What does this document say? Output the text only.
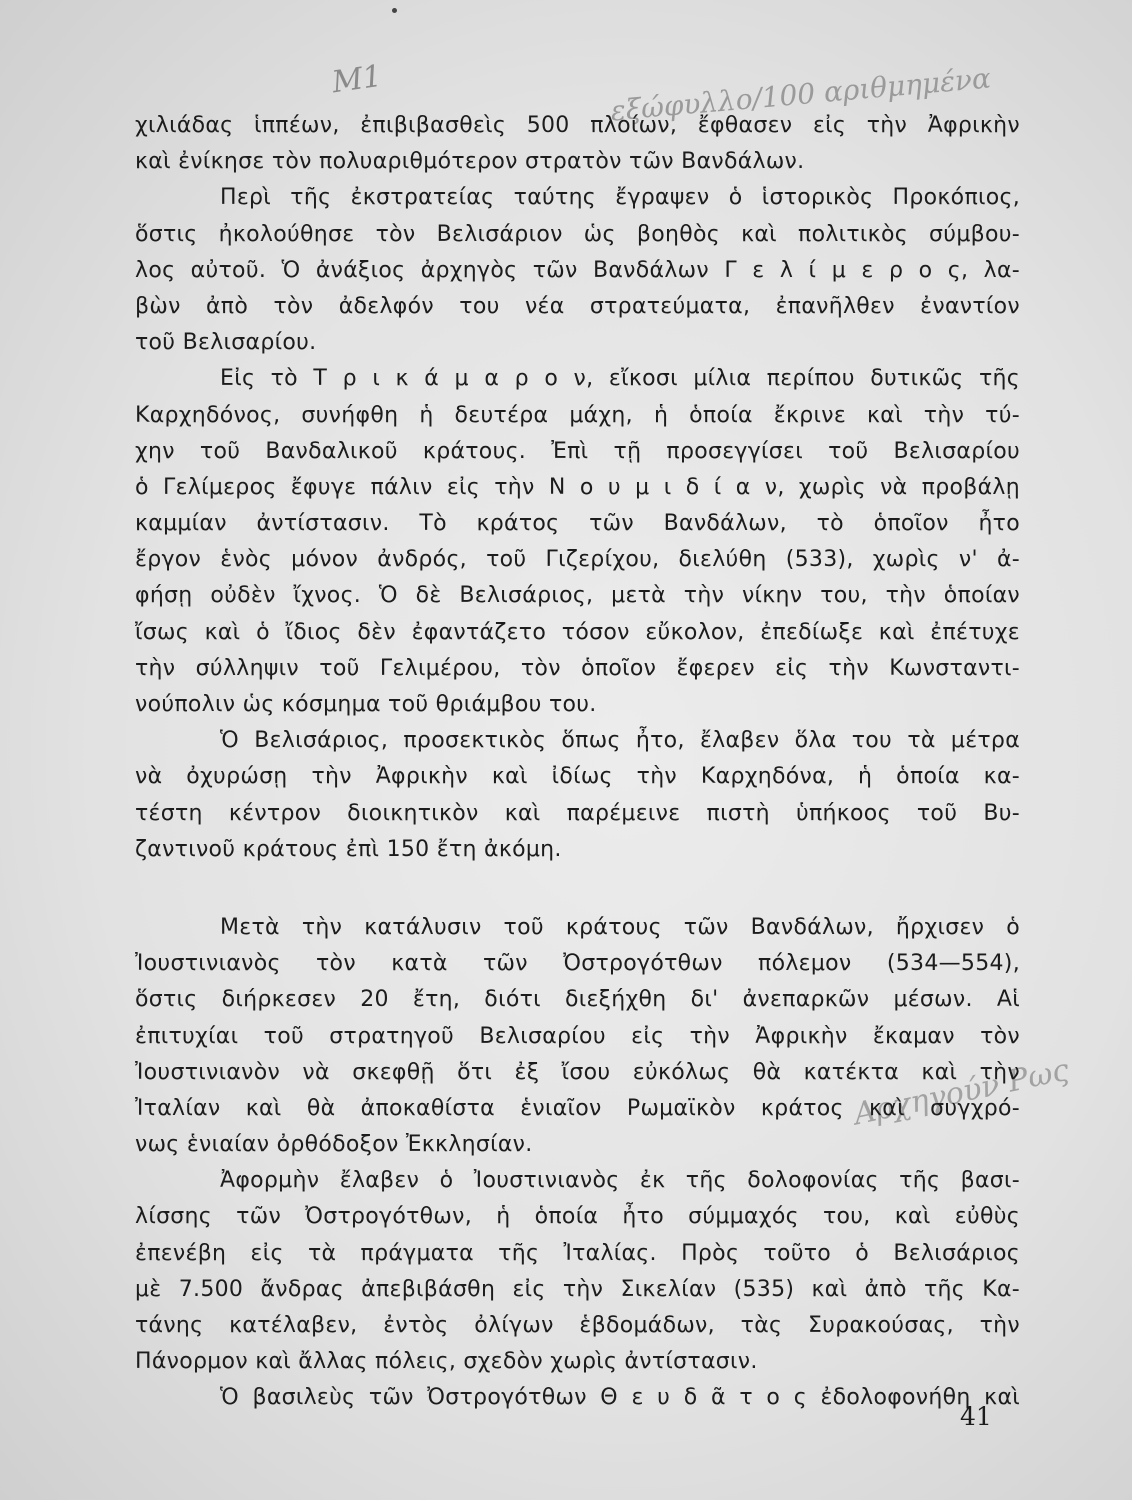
Μ1	εξώφυλλο/100 αριθμημένα
Αρχηγούν Ρως
χιλιάδας ἱππέων, ἐπιβιβασθεὶς 500 πλοίων, ἔφθασεν εἰς τὴν Ἀφρικὴν
καὶ ἐνίκησε τὸν πολυαριθμότερον στρατὸν τῶν Βανδάλων.
Περὶ τῆς ἐκστρατείας ταύτης ἔγραψεν ὁ ἱστορικὸς Προκόπιος,
ὅστις ἠκολούθησε τὸν Βελισάριον ὡς βοηθὸς καὶ πολιτικὸς σύμβου-
λος αὐτοῦ. Ὁ ἀνάξιος ἀρχηγὸς τῶν Βανδάλων Γ ε λ ί μ ε ρ ο ς, λα-
βὼν ἀπὸ τὸν ἀδελφόν του νέα στρατεύματα, ἐπανῆλθεν ἐναντίον
τοῦ Βελισαρίου.
Εἰς τὸ Τ ρ ι κ ά μ α ρ ο ν, εἴκοσι μίλια περίπου δυτικῶς τῆς
Καρχηδόνος, συνήφθη ἡ δευτέρα μάχη, ἡ ὁποία ἔκρινε καὶ τὴν τύ-
χην τοῦ Βανδαλικοῦ κράτους. Ἐπὶ τῇ προσεγγίσει τοῦ Βελισαρίου
ὁ Γελίμερος ἔφυγε πάλιν εἰς τὴν Ν ο υ μ ι δ ί α ν, χωρὶς νὰ προβάλῃ
καμμίαν ἀντίστασιν. Τὸ κράτος τῶν Βανδάλων, τὸ ὁποῖον ἦτο
ἔργον ἑνὸς μόνον ἀνδρός, τοῦ Γιζερίχου, διελύθη (533), χωρὶς ν' ἀ-
φήσῃ οὐδὲν ἴχνος. Ὁ δὲ Βελισάριος, μετὰ τὴν νίκην του, τὴν ὁποίαν
ἴσως καὶ ὁ ἴδιος δὲν ἐφαντάζετο τόσον εὔκολον, ἐπεδίωξε καὶ ἐπέτυχε
τὴν σύλληψιν τοῦ Γελιμέρου, τὸν ὁποῖον ἔφερεν εἰς τὴν Κωνσταντι-
νούπολιν ὡς κόσμημα τοῦ θριάμβου του.
Ὁ Βελισάριος, προσεκτικὸς ὅπως ἦτο, ἔλαβεν ὅλα του τὰ μέτρα
νὰ ὀχυρώσῃ τὴν Ἀφρικὴν καὶ ἰδίως τὴν Καρχηδόνα, ἡ ὁποία κα-
τέστη κέντρον διοικητικὸν καὶ παρέμεινε πιστὴ ὑπήκοος τοῦ Βυ-
ζαντινοῦ κράτους ἐπὶ 150 ἔτη ἀκόμη.
Μετὰ τὴν κατάλυσιν τοῦ κράτους τῶν Βανδάλων, ἤρχισεν ὁ
Ἰουστινιανὸς τὸν κατὰ τῶν Ὀστρογότθων πόλεμον (534—554),
ὅστις διήρκεσεν 20 ἔτη, διότι διεξήχθη δι' ἀνεπαρκῶν μέσων. Αἱ
ἐπιτυχίαι τοῦ στρατηγοῦ Βελισαρίου εἰς τὴν Ἀφρικὴν ἔκαμαν τὸν
Ἰουστινιανὸν νὰ σκεφθῇ ὅτι ἐξ ἴσου εὐκόλως θὰ κατέκτα καὶ τὴν
Ἰταλίαν καὶ θὰ ἀποκαθίστα ἑνιαῖον Ρωμαϊκὸν κράτος καὶ συγχρό-
νως ἑνιαίαν ὀρθόδοξον Ἐκκλησίαν.
Ἀφορμὴν ἔλαβεν ὁ Ἰουστινιανὸς ἐκ τῆς δολοφονίας τῆς βασι-
λίσσης τῶν Ὀστρογότθων, ἡ ὁποία ἦτο σύμμαχός του, καὶ εὐθὺς
ἐπενέβη εἰς τὰ πράγματα τῆς Ἰταλίας. Πρὸς τοῦτο ὁ Βελισάριος
μὲ 7.500 ἄνδρας ἀπεβιβάσθη εἰς τὴν Σικελίαν (535) καὶ ἀπὸ τῆς Κα-
τάνης κατέλαβεν, ἐντὸς ὀλίγων ἑβδομάδων, τὰς Συρακούσας, τὴν
Πάνορμον καὶ ἄλλας πόλεις, σχεδὸν χωρὶς ἀντίστασιν.
Ὁ βασιλεὺς τῶν Ὀστρογότθων Θ ε υ δ ᾶ τ ο ς ἐδολοφονήθη καὶ
41
